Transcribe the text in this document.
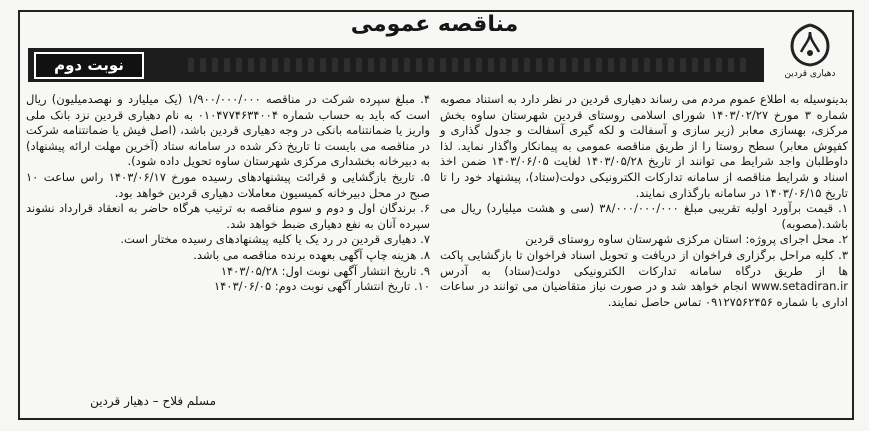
مناقصه عمومی
نوبت دوم	دهیاری قردین

بدینوسیله به اطلاع عموم مردم می رساند دهیاری قردین در نظر دارد به استناد مصوبه شماره ۳ مورخ ۱۴۰۳/۰۲/۲۷ شورای اسلامی روستای قردین شهرستان ساوه بخش مرکزی، بهسازی معابر (زیر سازی و آسفالت و لکه گیری آسفالت و جدول گذاری و کفپوش معابر) سطح روستا را از طریق مناقصه عمومی به پیمانکار واگذار نماید. لذا داوطلبان واجد شرایط می توانند از تاریخ ۱۴۰۳/۰۵/۲۸ لغایت ۱۴۰۳/۰۶/۰۵ ضمن اخذ اسناد و شرایط مناقصه از سامانه تدارکات الکترونیکی دولت(ستاد)، پیشنهاد خود را تا تاریخ ۱۴۰۳/۰۶/۱۵ در سامانه بارگذاری نمایند.

۱. قیمت برآورد اولیه تقریبی مبلغ ۳۸/۰۰۰/۰۰۰/۰۰۰ (سی و هشت میلیارد) ریال می باشد.(مصوبه)

۲. محل اجرای پروژه: استان مرکزی شهرستان ساوه روستای قردین

۳. کلیه مراحل برگزاری فراخوان از دریافت و تحویل اسناد فراخوان تا بازگشایی پاکت ها از طریق درگاه سامانه تدارکات الکترونیکی دولت(ستاد) به آدرس www.setadiran.ir انجام خواهد شد و در صورت نیاز متقاضیان می توانند در ساعات اداری با شماره ۰۹۱۲۷۵۶۲۴۵۶ تماس حاصل نمایند.

۴. مبلغ سپرده شرکت در مناقصه ۱/۹۰۰/۰۰۰/۰۰۰ (یک میلیارد و نهصدمیلیون) ریال است که باید به حساب شماره ۰۱۰۴۷۷۴۶۳۴۰۰۴ به نام دهیاری قردین نزد بانک ملی واریز یا ضمانتنامه بانکی در وجه دهیاری قردین باشد، (اصل فیش یا ضمانتنامه شرکت در مناقصه می بایست تا تاریخ ذکر شده در سامانه ستاد (آخرین مهلت ارائه پیشنهاد) به دبیرخانه بخشداری مرکزی شهرستان ساوه تحویل داده شود).

۵. تاریخ بازگشایی و قرائت پیشنهادهای رسیده مورخ ۱۴۰۳/۰۶/۱۷ راس ساعت ۱۰ صبح در محل دبیرخانه کمیسیون معاملات دهیاری قردین خواهد بود.

۶. برندگان اول و دوم و سوم مناقصه به ترتیب هرگاه حاضر به انعقاد قرارداد نشوند سپرده آنان به نفع دهیاری ضبط خواهد شد.

۷. دهیاری قردین در رد یک یا کلیه پیشنهادهای رسیده مختار است.

۸. هزینه چاپ آگهی بعهده برنده مناقصه می باشد.

۹. تاریخ انتشار آگهی نوبت اول: ۱۴۰۳/۰۵/۲۸

۱۰. تاریخ انتشار آگهی نوبت دوم: ۱۴۰۳/۰۶/۰۵

مسلم فلاح – دهیار قردین
